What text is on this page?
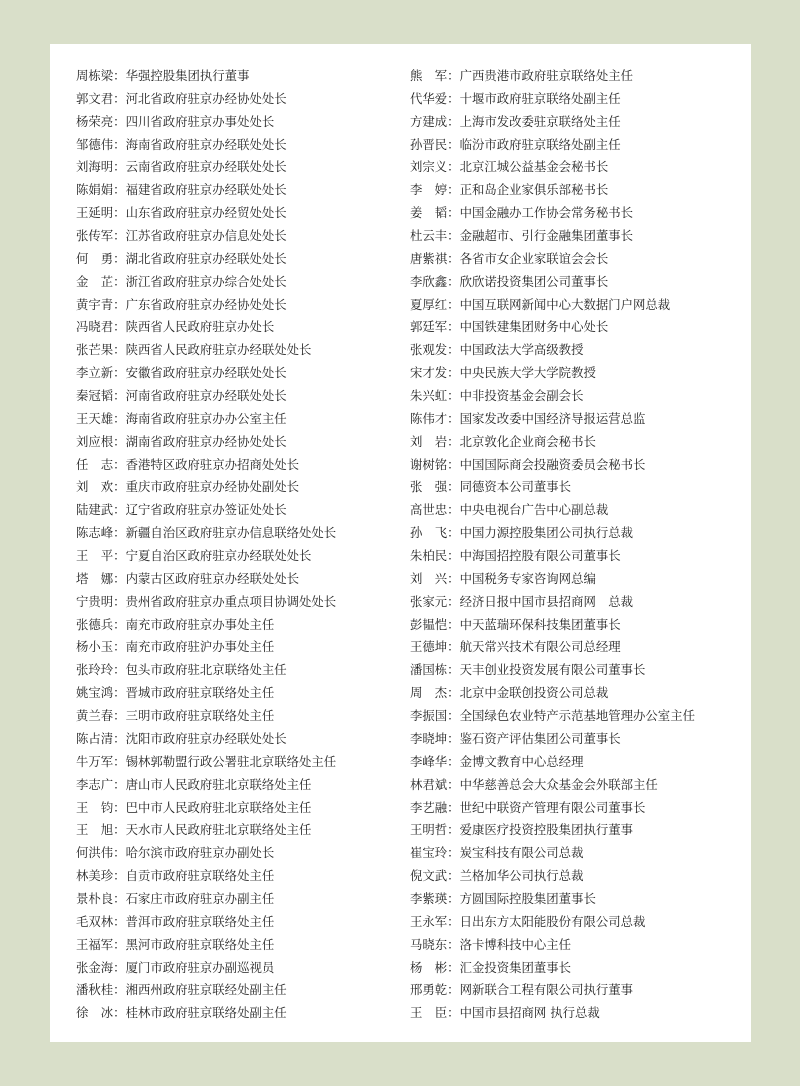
周栋梁：华强控股集团执行董事
郭文君：河北省政府驻京办经协处处长
杨荣亮：四川省政府驻京办事处处长
邹德伟：海南省政府驻京办经联处处长
刘海明：云南省政府驻京办经联处处长
陈娟娟：福建省政府驻京办经联处处长
王延明：山东省政府驻京办经贸处处长
张传军：江苏省政府驻京办信息处处长
何　勇：湖北省政府驻京办经联处处长
金　芷：浙江省政府驻京办综合处处长
黄宇青：广东省政府驻京办经协处处长
冯晓君：陕西省人民政府驻京办处长
张芒果：陕西省人民政府驻京办经联处处长
李立新：安徽省政府驻京办经联处处长
秦冠韬：河南省政府驻京办经联处处长
王天雄：海南省政府驻京办办公室主任
刘应根：湖南省政府驻京办经协处处长
任　志：香港特区政府驻京办招商处处长
刘　欢：重庆市政府驻京办经协处副处长
陆建武：辽宁省政府驻京办签证处处长
陈志峰：新疆自治区政府驻京办信息联络处处长
王　平：宁夏自治区政府驻京办经联处处长
塔　娜：内蒙古区政府驻京办经联处处长
宁贵明：贵州省政府驻京办重点项目协调处处长
张德兵：南充市政府驻京办事处主任
杨小玉：南充市政府驻沪办事处主任
张玲玲：包头市政府驻北京联络处主任
姚宝鸿：晋城市政府驻京联络处主任
黄兰春：三明市政府驻京联络处主任
陈占清：沈阳市政府驻京办经联处处长
牛万军：锡林郭勒盟行政公署驻北京联络处主任
李志广：唐山市人民政府驻北京联络处主任
王　钧：巴中市人民政府驻北京联络处主任
王　旭：天水市人民政府驻北京联络处主任
何洪伟：哈尔滨市政府驻京办副处长
林美珍：自贡市政府驻京联络处主任
景朴良：石家庄市政府驻京办副主任
毛双林：普洱市政府驻京联络处主任
王福军：黑河市政府驻京联络处主任
张金海：厦门市政府驻京办副巡视员
潘秋桂：湘西州政府驻京联经处副主任
徐　冰：桂林市政府驻京联络处副主任
熊　军：广西贵港市政府驻京联络处主任
代华爱：十堰市政府驻京联络处副主任
方建成：上海市发改委驻京联络处主任
孙晋民：临汾市政府驻京联络处副主任
刘宗义：北京江城公益基金会秘书长
李　婷：正和岛企业家俱乐部秘书长
姜　韬：中国金融办工作协会常务秘书长
杜云丰：金融超市、引行金融集团董事长
唐紫祺：各省市女企业家联谊会会长
李欣鑫：欣欣诺投资集团公司董事长
夏厚红：中国互联网新闻中心大数据门户网总裁
郭廷军：中国铁建集团财务中心处长
张观发：中国政法大学高级教授
宋才发：中央民族大学大学院教授
朱兴虹：中非投资基金会副会长
陈伟才：国家发改委中国经济导报运营总监
刘　岩：北京敦化企业商会秘书长
谢树铭：中国国际商会投融资委员会秘书长
张　强：同德资本公司董事长
高世忠：中央电视台广告中心副总裁
孙　飞：中国力源控股集团公司执行总裁
朱柏民：中海国招控股有限公司董事长
刘　兴：中国税务专家咨询网总编
张家元：经济日报中国市县招商网　总裁
彭韫恺：中天蓝瑞环保科技集团董事长
王德坤：航天常兴技术有限公司总经理
潘国栋：天丰创业投资发展有限公司董事长
周　杰：北京中金联创投资公司总裁
李振国：全国绿色农业特产示范基地管理办公室主任
李晓坤：鉴石资产评估集团公司董事长
李峰华：金博文教育中心总经理
林君斌：中华慈善总会大众基金会外联部主任
李艺融：世纪中联资产管理有限公司董事长
王明哲：爱康医疗投资控股集团执行董事
崔宝玲：炭宝科技有限公司总裁
倪文武：兰格加华公司执行总裁
李紫瑛：方圆国际控股集团董事长
王永军：日出东方太阳能股份有限公司总裁
马晓东：洛卡博科技中心主任
杨　彬：汇金投资集团董事长
邢勇乾：网新联合工程有限公司执行董事
王　臣：中国市县招商网 执行总裁
